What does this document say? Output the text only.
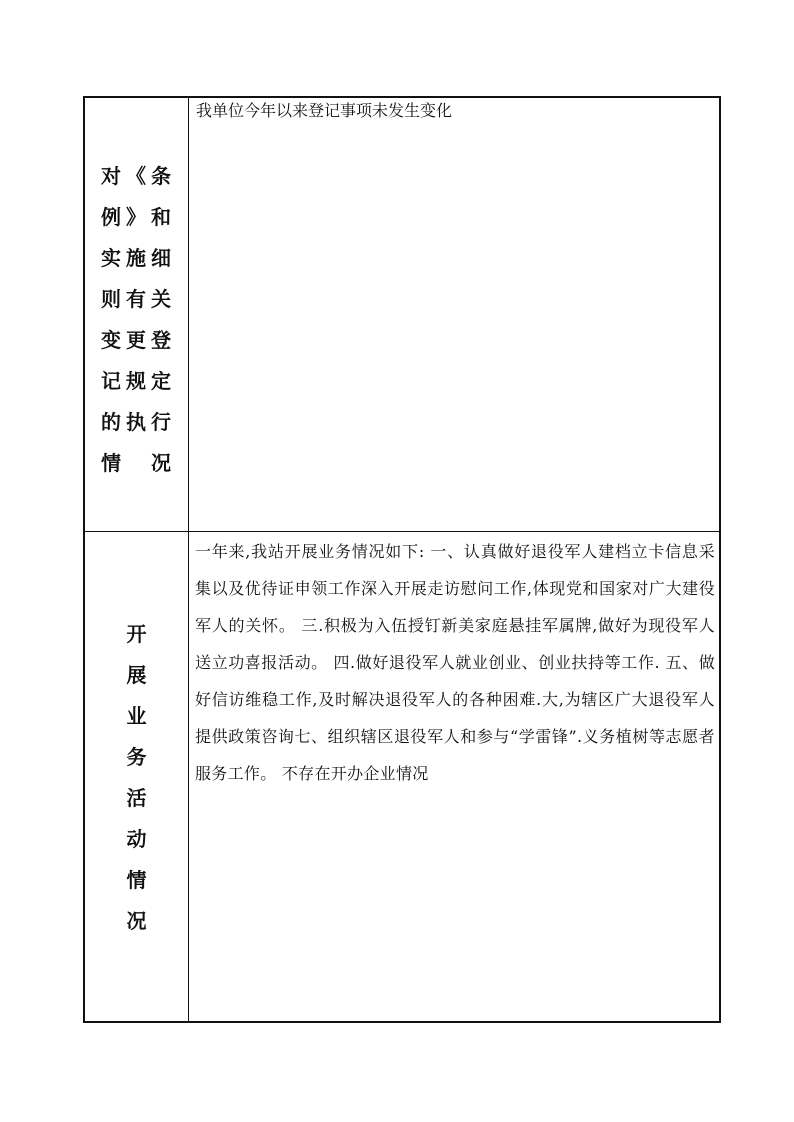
对《条例》和实施细则有关变更登记规定的执行情　况
我单位今年以来登记事项未发生变化
开
展
业
务
活
动
情
况
一年来,我站开展业务情况如下: 一、认真做好退役军人建档立卡信息采集以及优待证申领工作深入开展走访慰问工作,体现党和国家对广大建役军人的关怀。 三.积极为入伍授钉新美家庭悬挂军属牌,做好为现役军人送立功喜报活动。 四.做好退役军人就业创业、创业扶持等工作. 五、做好信访维稳工作,及时解决退役军人的各种困难.大,为辖区广大退役军人提供政策咨询七、组织辖区退役军人和参与“学雷锋”.义务植树等志愿者服务工作。 不存在开办企业情况
